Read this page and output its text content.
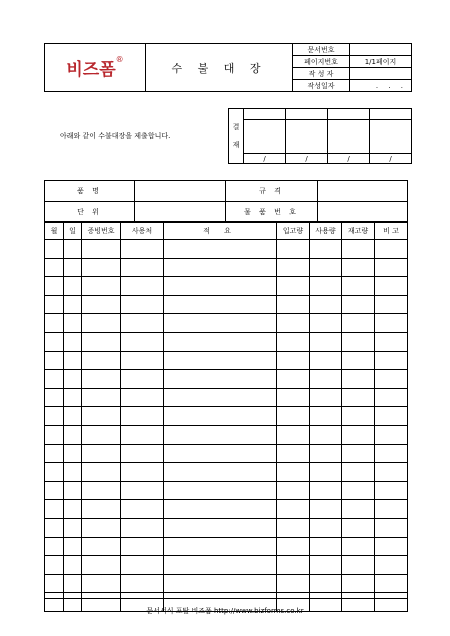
비즈폼®	수 불 대 장	문서번호	
		페이지번호	1/1페이지
		작 성 자	
		작성일자	. . .
아래와 같이 수불대장을 제출합니다.
결
재				

	/	/	/	/
품 명		규 격	
단 위		물 품 번 호	
월	일	증빙번호	사용처	적 요	입고량	사용량	재고량	비 고

문서서식 포탈 비즈폼 http://www.bizforms.co.kr
